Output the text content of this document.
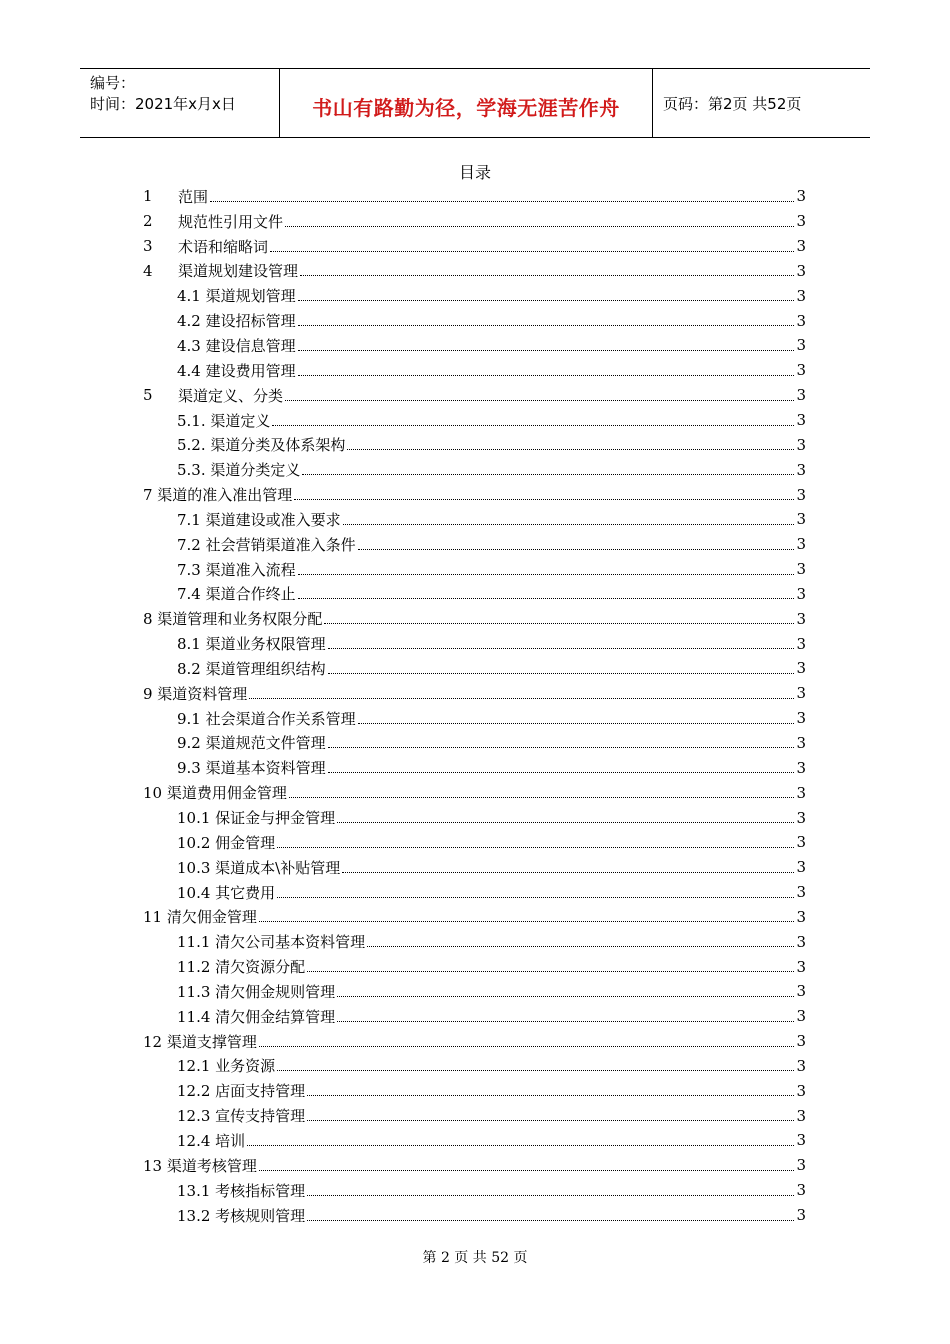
编号：
时间：2021年x月x日	书山有路勤为径，学海无涯苦作舟	页码：第2页 共52页
目录
1	范围	3
2	规范性引用文件	3
3	术语和缩略词	3
4	渠道规划建设管理	3
4.1 渠道规划管理	3
4.2 建设招标管理	3
4.3 建设信息管理	3
4.4 建设费用管理	3
5	渠道定义、分类	3
5.1. 渠道定义	3
5.2. 渠道分类及体系架构	3
5.3. 渠道分类定义	3
7 渠道的准入准出管理	3
7.1 渠道建设或准入要求	3
7.2 社会营销渠道准入条件	3
7.3 渠道准入流程	3
7.4 渠道合作终止	3
8 渠道管理和业务权限分配	3
8.1 渠道业务权限管理	3
8.2 渠道管理组织结构	3
9 渠道资料管理	3
9.1 社会渠道合作关系管理	3
9.2 渠道规范文件管理	3
9.3 渠道基本资料管理	3
10 渠道费用佣金管理	3
10.1 保证金与押金管理	3
10.2 佣金管理	3
10.3 渠道成本\补贴管理	3
10.4 其它费用	3
11 清欠佣金管理	3
11.1 清欠公司基本资料管理	3
11.2 清欠资源分配	3
11.3 清欠佣金规则管理	3
11.4 清欠佣金结算管理	3
12 渠道支撑管理	3
12.1 业务资源	3
12.2 店面支持管理	3
12.3 宣传支持管理	3
12.4 培训	3
13 渠道考核管理	3
13.1 考核指标管理	3
13.2 考核规则管理	3
第 2 页 共 52 页
